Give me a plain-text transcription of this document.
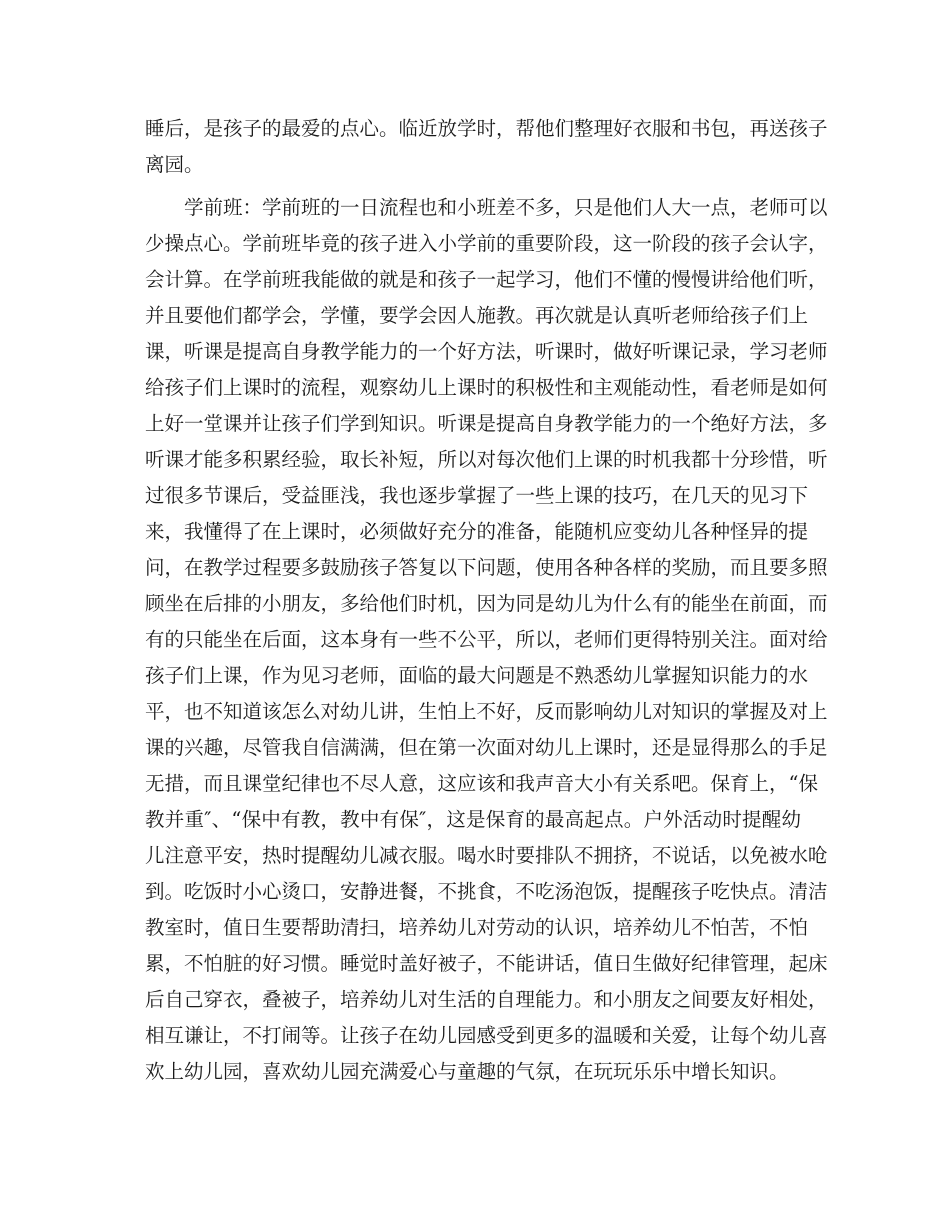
睡后，是孩子的最爱的点心。临近放学时，帮他们整理好衣服和书包，再送孩子
离园。
学前班：学前班的一日流程也和小班差不多，只是他们人大一点，老师可以
少操点心。学前班毕竟的孩子进入小学前的重要阶段，这一阶段的孩子会认字，
会计算。在学前班我能做的就是和孩子一起学习，他们不懂的慢慢讲给他们听，
并且要他们都学会，学懂，要学会因人施教。再次就是认真听老师给孩子们上
课，听课是提高自身教学能力的一个好方法，听课时，做好听课记录，学习老师
给孩子们上课时的流程，观察幼儿上课时的积极性和主观能动性，看老师是如何
上好一堂课并让孩子们学到知识。听课是提高自身教学能力的一个绝好方法，多
听课才能多积累经验，取长补短，所以对每次他们上课的时机我都十分珍惜，听
过很多节课后，受益匪浅，我也逐步掌握了一些上课的技巧，在几天的见习下
来，我懂得了在上课时，必须做好充分的准备，能随机应变幼儿各种怪异的提
问，在教学过程要多鼓励孩子答复以下问题，使用各种各样的奖励，而且要多照
顾坐在后排的小朋友，多给他们时机，因为同是幼儿为什么有的能坐在前面，而
有的只能坐在后面，这本身有一些不公平，所以，老师们更得特别关注。面对给
孩子们上课，作为见习老师，面临的最大问题是不熟悉幼儿掌握知识能力的水
平，也不知道该怎么对幼儿讲，生怕上不好，反而影响幼儿对知识的掌握及对上
课的兴趣，尽管我自信满满，但在第一次面对幼儿上课时，还是显得那么的手足
无措，而且课堂纪律也不尽人意，这应该和我声音大小有关系吧。保育上，“保
教并重″、“保中有教，教中有保″，这是保育的最高起点。户外活动时提醒幼
儿注意平安，热时提醒幼儿减衣服。喝水时要排队不拥挤，不说话，以免被水呛
到。吃饭时小心烫口，安静进餐，不挑食，不吃汤泡饭，提醒孩子吃快点。清洁
教室时，值日生要帮助清扫，培养幼儿对劳动的认识，培养幼儿不怕苦，不怕
累，不怕脏的好习惯。睡觉时盖好被子，不能讲话，值日生做好纪律管理，起床
后自己穿衣，叠被子，培养幼儿对生活的自理能力。和小朋友之间要友好相处，
相互谦让，不打闹等。让孩子在幼儿园感受到更多的温暖和关爱，让每个幼儿喜
欢上幼儿园，喜欢幼儿园充满爱心与童趣的气氛，在玩玩乐乐中增长知识。
